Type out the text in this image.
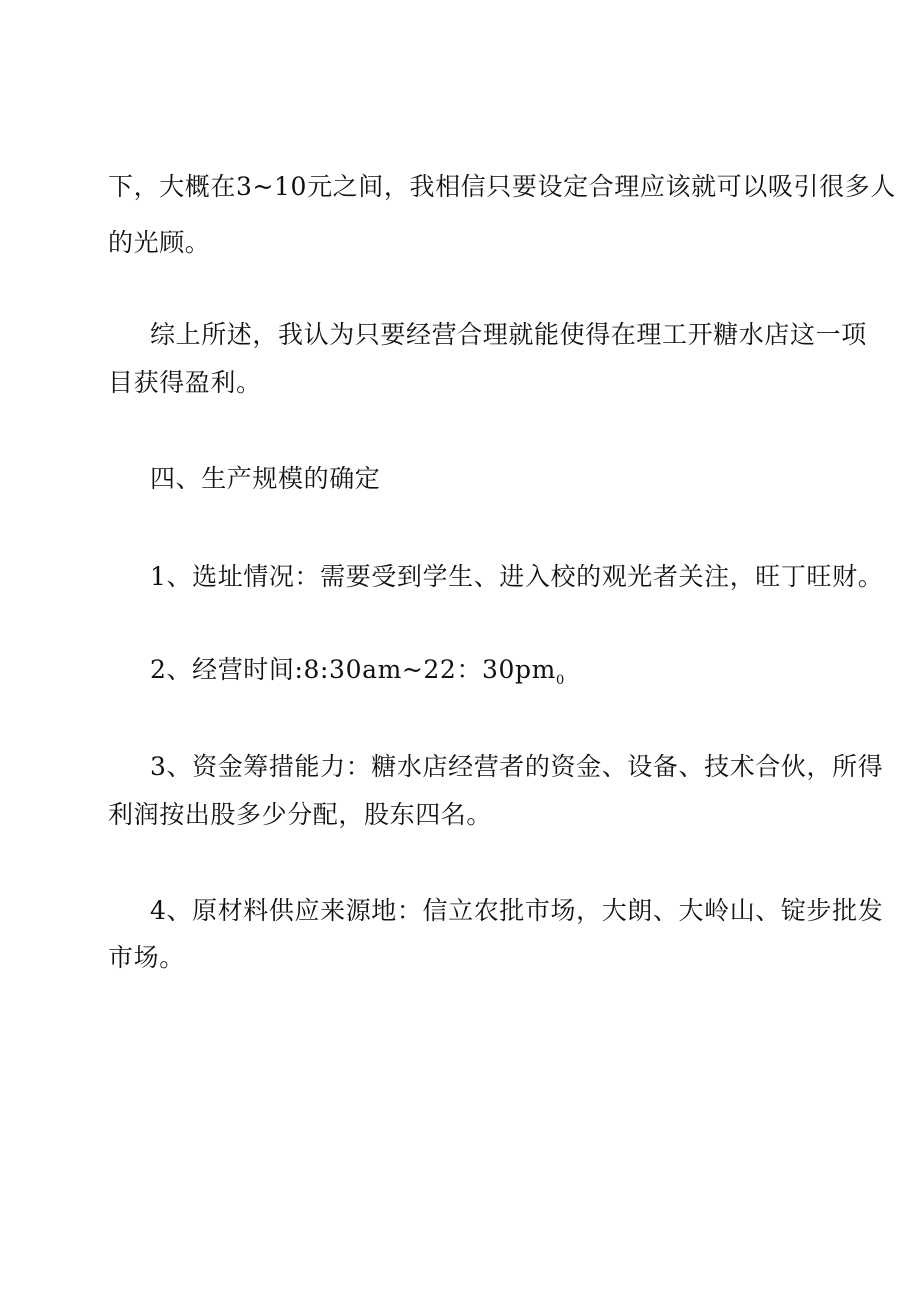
下，大概在3~10元之间，我相信只要设定合理应该就可以吸引很多人
的光顾。
综上所述，我认为只要经营合理就能使得在理工开糖水店这一项
目获得盈利。
四、生产规模的确定
1、选址情况：需要受到学生、进入校的观光者关注，旺丁旺财。
2、经营时间:8:30am~22：$30pm_0$
3、资金筹措能力：糖水店经营者的资金、设备、技术合伙，所得
利润按出股多少分配，股东四名。
4、原材料供应来源地：信立农批市场，大朗、大岭山、锭步批发
市场。
